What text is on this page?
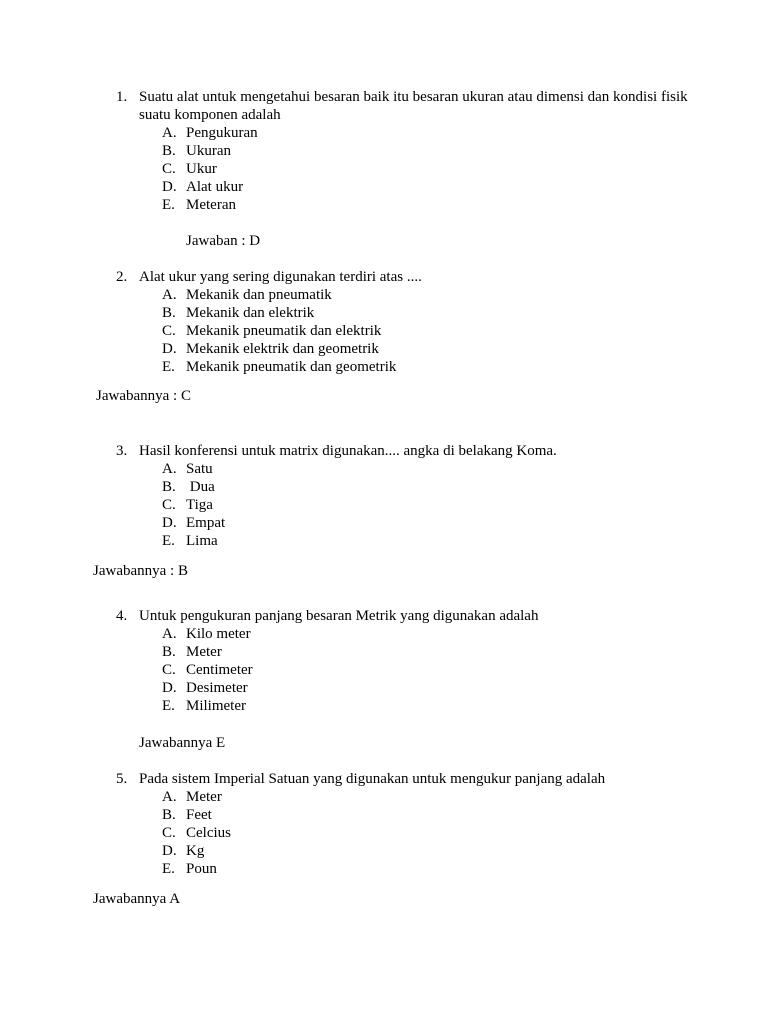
1. Suatu alat untuk mengetahui besaran baik itu besaran ukuran atau dimensi dan kondisi fisik suatu komponen adalah
A. Pengukuran
B. Ukuran
C. Ukur
D. Alat ukur
E. Meteran
Jawaban : D
2. Alat ukur yang sering digunakan terdiri atas ....
A. Mekanik dan pneumatik
B. Mekanik dan elektrik
C. Mekanik pneumatik dan elektrik
D. Mekanik elektrik dan geometrik
E. Mekanik pneumatik dan geometrik
Jawabannya : C
3. Hasil konferensi untuk matrix digunakan.... angka di belakang Koma.
A. Satu
B. Dua
C. Tiga
D. Empat
E. Lima
Jawabannya : B
4. Untuk pengukuran panjang besaran Metrik yang digunakan adalah
A. Kilo meter
B. Meter
C. Centimeter
D. Desimeter
E. Milimeter
Jawabannya E
5. Pada sistem Imperial Satuan yang digunakan untuk mengukur panjang adalah
A. Meter
B. Feet
C. Celcius
D. Kg
E. Poun
Jawabannya A
